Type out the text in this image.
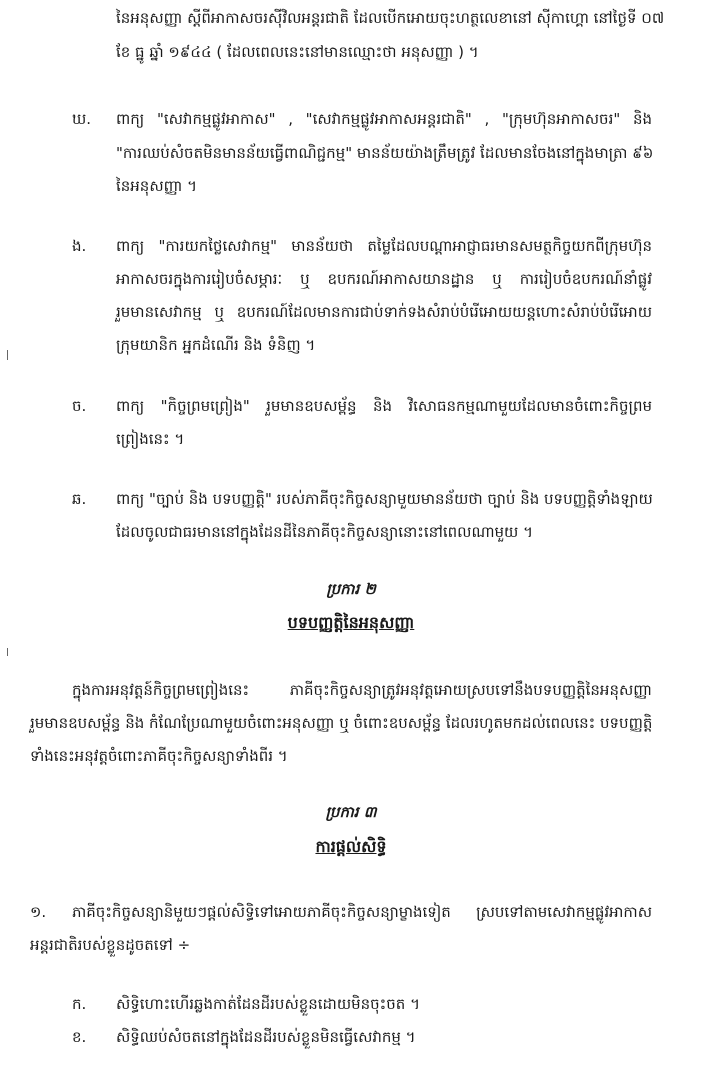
នៃអនុសញ្ញា ស្ដីពីអាកាសចរស៊ីវិលអន្តរជាតិ ដែលបើកអោយចុះហត្ថលេខានៅ ស៊ីកាហ្គោ នៅថ្ងៃទី ០៧
ខែ ធ្នូ ឆ្នាំ ១៩៤៤ ( ដែលពេលនេះនៅមានឈ្មោះថា អនុសញ្ញា ) ។
ឃ. ពាក្យ "សេវាកម្មផ្លូវអាកាស" , "សេវាកម្មផ្លូវអាកាសអន្តរជាតិ" , "ក្រុមហ៊ុនអាកាសចរ" និង
"ការឈប់សំចតមិនមានន័យធ្វើពាណិជ្ជកម្ម" មានន័យយ៉ាងត្រឹមត្រូវ ដែលមានចែងនៅក្នុងមាត្រា ៩៦
នៃអនុសញ្ញា ។
ង. ពាក្យ "ការយកថ្លៃសេវាកម្ម" មានន័យថា តម្លៃដែលបណ្ដាអាជ្ញាធរមានសមត្ថកិច្ចយកពីក្រុមហ៊ុន
អាកាសចរក្នុងការរៀបចំសម្ភារៈ ឬ ឧបករណ៍អាកាសយានដ្ឋាន ឬ ការរៀបចំឧបករណ៍នាំផ្លូវ
រួមមានសេវាកម្ម ឬ ឧបករណ៍ដែលមានការជាប់ទាក់ទងសំរាប់បំរើអោយយន្តហោះសំរាប់បំរើអោយ
ក្រុមយានិក អ្នកដំណើរ និង ទំនិញ ។
ច. ពាក្យ "កិច្ចព្រមព្រៀង" រួមមានឧបសម្ព័ន្ធ និង វិសោធនកម្មណាមួយដែលមានចំពោះកិច្ចព្រម
ព្រៀងនេះ ។
ឆ. ពាក្យ "ច្បាប់ និង បទបញ្ញត្តិ" របស់ភាគីចុះកិច្ចសន្យាមួយមានន័យថា ច្បាប់ និង បទបញ្ញត្តិទាំងឡាយ
ដែលចូលជាធរមាននៅក្នុងដែនដីនៃភាគីចុះកិច្ចសន្យានោះនៅពេលណាមួយ ។
ប្រការ ២
បទបញ្ញត្តិនៃអនុសញ្ញា
ក្នុងការអនុវត្តន៍កិច្ចព្រមព្រៀងនេះ ភាគីចុះកិច្ចសន្យាត្រូវអនុវត្តអោយស្របទៅនឹងបទបញ្ញត្តិនៃអនុសញ្ញា
រួមមានឧបសម្ព័ន្ធ និង កំណែប្រែណាមួយចំពោះអនុសញ្ញា ឬ ចំពោះឧបសម្ព័ន្ធ ដែលរហូតមកដល់ពេលនេះ បទបញ្ញត្តិ
ទាំងនេះអនុវត្តចំពោះភាគីចុះកិច្ចសន្យាទាំងពីរ ។
ប្រការ ៣
ការផ្ដល់សិទ្ធិ
១. ភាគីចុះកិច្ចសន្យានិមួយៗផ្ដល់សិទ្ធិទៅអោយភាគីចុះកិច្ចសន្យាម្ខាងទៀត ស្របទៅតាមសេវាកម្មផ្លូវអាកាស
អន្តរជាតិរបស់ខ្លួនដូចតទៅ ÷
ក. សិទ្ធិហោះហើរឆ្លងកាត់ដែនដីរបស់ខ្លួនដោយមិនចុះចត ។
ខ. សិទ្ធិឈប់សំចតនៅក្នុងដែនដីរបស់ខ្លួនមិនធ្វើសេវាកម្ម ។
